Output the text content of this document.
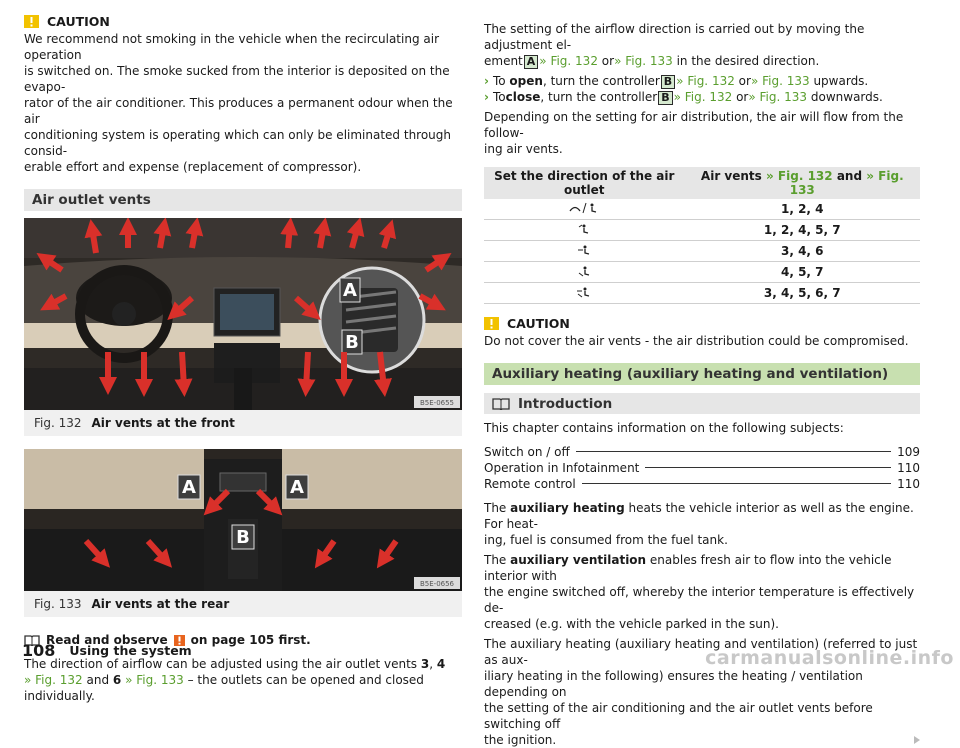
CAUTION

We recommend not smoking in the vehicle when the recirculating air operation

is switched on. The smoke sucked from the interior is deposited on the evapo-

rator of the air conditioner. This produces a permanent odour when the air

conditioning system is operating which can only be eliminated through consid-

erable effort and expense (replacement of compressor).

Air outlet vents
A
B
B5E-0655
Fig. 132 Air vents at the front
A	A
B
B5E-0656
Fig. 133 Air vents at the rear
Read and observe on page 105 first.

The direction of airflow can be adjusted using the air outlet vents 3, 4

» Fig. 132 and 6 » Fig. 133 – the outlets can be opened and closed individually.

The setting of the airflow direction is carried out by moving the adjustment el-

ement A » Fig. 132 or» Fig. 133 in the desired direction.

› To open, turn the controller B » Fig. 132 or» Fig. 133 upwards.

› Toclose, turn the controller B » Fig. 132 or» Fig. 133 downwards.

Depending on the setting for air distribution, the air will flow from the follow-

ing air vents.

Set the direction of the air
outlet	Air vents » Fig. 132 and » Fig. 133
	1, 2, 4
	1, 2, 4, 5, 7
	3, 4, 6
	4, 5, 7
	3, 4, 5, 6, 7
CAUTION

Do not cover the air vents - the air distribution could be compromised.

Auxiliary heating (auxiliary heating and ventilation)
Introduction

This chapter contains information on the following subjects:

Switch on / off	109
Operation in Infotainment	110
Remote control	110

The auxiliary heating heats the vehicle interior as well as the engine. For heat-

ing, fuel is consumed from the fuel tank.

The auxiliary ventilation enables fresh air to flow into the vehicle interior with

the engine switched off, whereby the interior temperature is effectively de-

creased (e.g. with the vehicle parked in the sun).

The auxiliary heating (auxiliary heating and ventilation) (referred to just as aux-

iliary heating in the following) ensures the heating / ventilation depending on

the setting of the air conditioning and the air outlet vents before switching off

the ignition.

108 Using the system	carmanualsonline.info
